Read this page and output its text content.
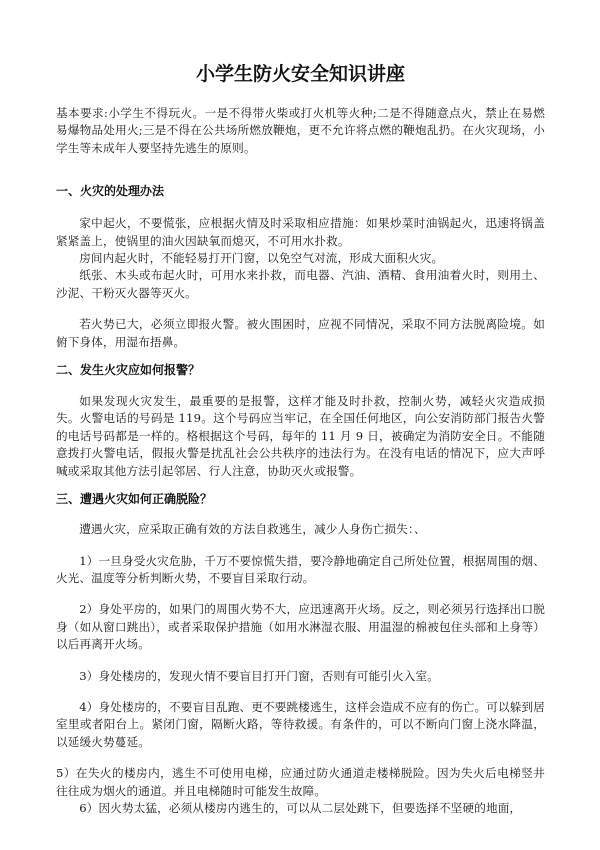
小学生防火安全知识讲座

基本要求:小学生不得玩火。一是不得带火柴或打火机等火种;二是不得随意点火，禁止在易燃易爆物品处用火;三是不得在公共场所燃放鞭炮，更不允许将点燃的鞭炮乱扔。在火灾现场，小学生等未成年人要坚持先逃生的原则。

一、火灾的处理办法

家中起火，不要慌张，应根据火情及时采取相应措施：如果炒菜时油锅起火，迅速将锅盖紧紧盖上，使锅里的油火因缺氧而熄灭，不可用水扑救。

房间内起火时，不能轻易打开门窗，以免空气对流，形成大面积火灾。

纸张、木头或布起火时，可用水来扑救，而电器、汽油、酒精、食用油着火时，则用土、沙泥、干粉灭火器等灭火。

若火势已大，必须立即报火警。被火围困时，应视不同情况，采取不同方法脱离险境。如俯下身体，用湿布捂鼻。

二、发生火灾应如何报警？

如果发现火灾发生，最重要的是报警，这样才能及时扑救，控制火势，减轻火灾造成损失。火警电话的号码是 119。这个号码应当牢记，在全国任何地区，向公安消防部门报告火警的电话号码都是一样的。格根据这个号码，每年的 11 月 9 日，被确定为消防安全日。不能随意拨打火警电话，假报火警是扰乱社会公共秩序的违法行为。在没有电话的情况下，应大声呼喊或采取其他方法引起邻居、行人注意，协助灭火或报警。

三、遭遇火灾如何正确脱险？

遭遇火灾，应采取正确有效的方法自救逃生，减少人身伤亡损失：、

1）一旦身受火灾危胁，千万不要惊慌失措，要冷静地确定自己所处位置，根据周围的烟、火光、温度等分析判断火势，不要盲目采取行动。

2）身处平房的，如果门的周围火势不大，应迅速离开火场。反之，则必须另行选择出口脱身（如从窗口跳出），或者采取保护措施（如用水淋湿衣服、用温湿的棉被包住头部和上身等）以后再离开火场。

3）身处楼房的，发现火情不要盲目打开门窗，否则有可能引火入室。

4）身处楼房的，不要盲目乱跑、更不要跳楼逃生，这样会造成不应有的伤亡。可以躲到居室里或者阳台上。紧闭门窗，隔断火路，等待救援。有条件的，可以不断向门窗上浇水降温，以延缓火势蔓延。

5）在失火的楼房内，逃生不可使用电梯，应通过防火通道走楼梯脱险。因为失火后电梯竖井往往成为烟火的通道。并且电梯随时可能发生故障。

6）因火势太猛，必须从楼房内逃生的，可以从二层处跳下，但要选择不坚硬的地面，
